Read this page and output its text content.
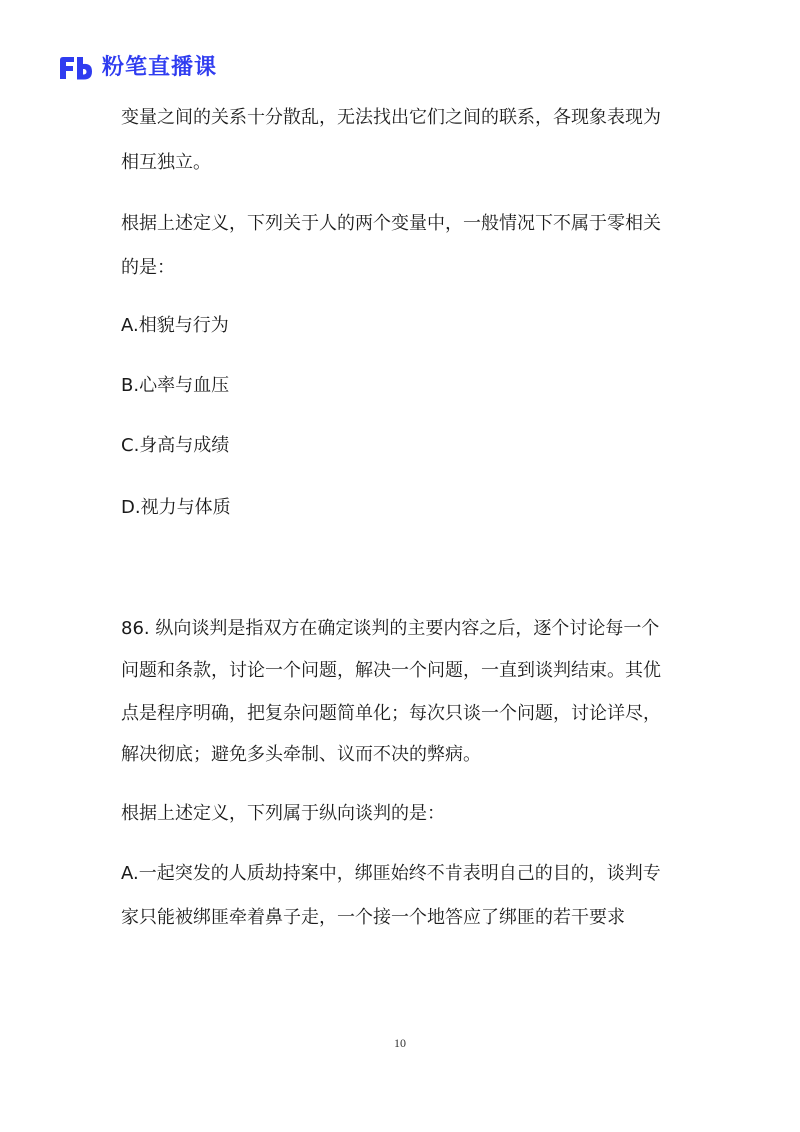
粉笔直播课
变量之间的关系十分散乱，无法找出它们之间的联系，各现象表现为
相互独立。
根据上述定义，下列关于人的两个变量中，一般情况下不属于零相关
的是：
A.相貌与行为
B.心率与血压
C.身高与成绩
D.视力与体质
86. 纵向谈判是指双方在确定谈判的主要内容之后，逐个讨论每一个
问题和条款，讨论一个问题，解决一个问题，一直到谈判结束。其优
点是程序明确，把复杂问题简单化；每次只谈一个问题，讨论详尽，
解决彻底；避免多头牵制、议而不决的弊病。
根据上述定义，下列属于纵向谈判的是：
A.一起突发的人质劫持案中，绑匪始终不肯表明自己的目的，谈判专
家只能被绑匪牵着鼻子走，一个接一个地答应了绑匪的若干要求
10
